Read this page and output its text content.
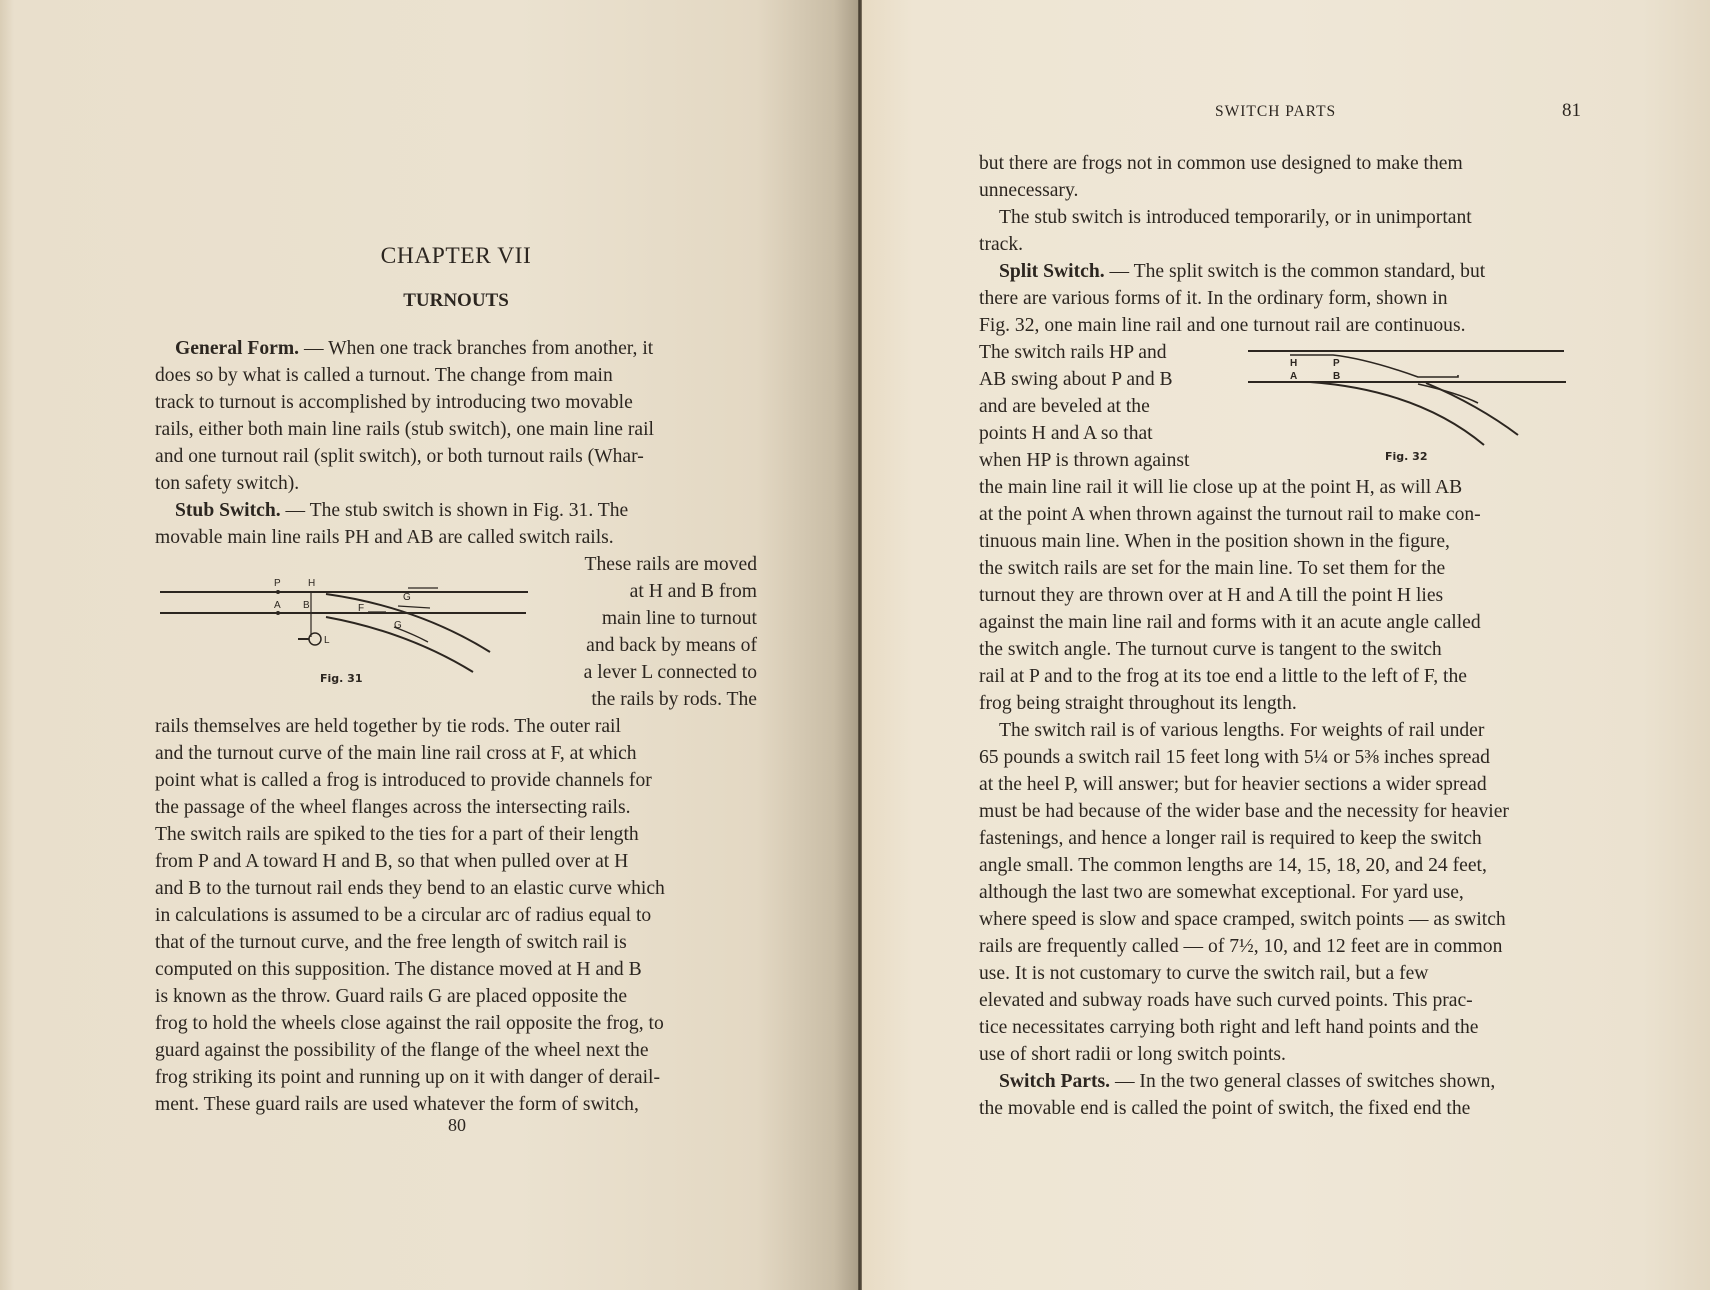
CHAPTER VII
TURNOUTS
General Form. — When one track branches from another, it
does so by what is called a turnout. The change from main
track to turnout is accomplished by introducing two movable
rails, either both main line rails (stub switch), one main line rail
and one turnout rail (split switch), or both turnout rails (Whar-
ton safety switch).
Stub Switch. — The stub switch is shown in Fig. 31. The
movable main line rails PH and AB are called switch rails.
These rails are moved
at H and B from
main line to turnout
and back by means of
a lever L connected to
the rails by rods. The
P	H
A B	F
G
G
L
Fig. 31
rails themselves are held together by tie rods. The outer rail
and the turnout curve of the main line rail cross at F, at which
point what is called a frog is introduced to provide channels for
the passage of the wheel flanges across the intersecting rails.
The switch rails are spiked to the ties for a part of their length
from P and A toward H and B, so that when pulled over at H
and B to the turnout rail ends they bend to an elastic curve which
in calculations is assumed to be a circular arc of radius equal to
that of the turnout curve, and the free length of switch rail is
computed on this supposition. The distance moved at H and B
is known as the throw. Guard rails G are placed opposite the
frog to hold the wheels close against the rail opposite the frog, to
guard against the possibility of the flange of the wheel next the
frog striking its point and running up on it with danger of derail-
ment. These guard rails are used whatever the form of switch,
80
SWITCH PARTS	81
but there are frogs not in common use designed to make them
unnecessary.
The stub switch is introduced temporarily, or in unimportant
track.
Split Switch. — The split switch is the common standard, but
there are various forms of it. In the ordinary form, shown in
Fig. 32, one main line rail and one turnout rail are continuous.
The switch rails HP and
AB swing about P and B
and are beveled at the
points H and A so that
when HP is thrown against
H	P
A	B
Fig. 32
the main line rail it will lie close up at the point H, as will AB
at the point A when thrown against the turnout rail to make con-
tinuous main line. When in the position shown in the figure,
the switch rails are set for the main line. To set them for the
turnout they are thrown over at H and A till the point H lies
against the main line rail and forms with it an acute angle called
the switch angle. The turnout curve is tangent to the switch
rail at P and to the frog at its toe end a little to the left of F, the
frog being straight throughout its length.
The switch rail is of various lengths. For weights of rail under
65 pounds a switch rail 15 feet long with 5¼ or 5⅜ inches spread
at the heel P, will answer; but for heavier sections a wider spread
must be had because of the wider base and the necessity for heavier
fastenings, and hence a longer rail is required to keep the switch
angle small. The common lengths are 14, 15, 18, 20, and 24 feet,
although the last two are somewhat exceptional. For yard use,
where speed is slow and space cramped, switch points — as switch
rails are frequently called — of 7½, 10, and 12 feet are in common
use. It is not customary to curve the switch rail, but a few
elevated and subway roads have such curved points. This prac-
tice necessitates carrying both right and left hand points and the
use of short radii or long switch points.
Switch Parts. — In the two general classes of switches shown,
the movable end is called the point of switch, the fixed end the
